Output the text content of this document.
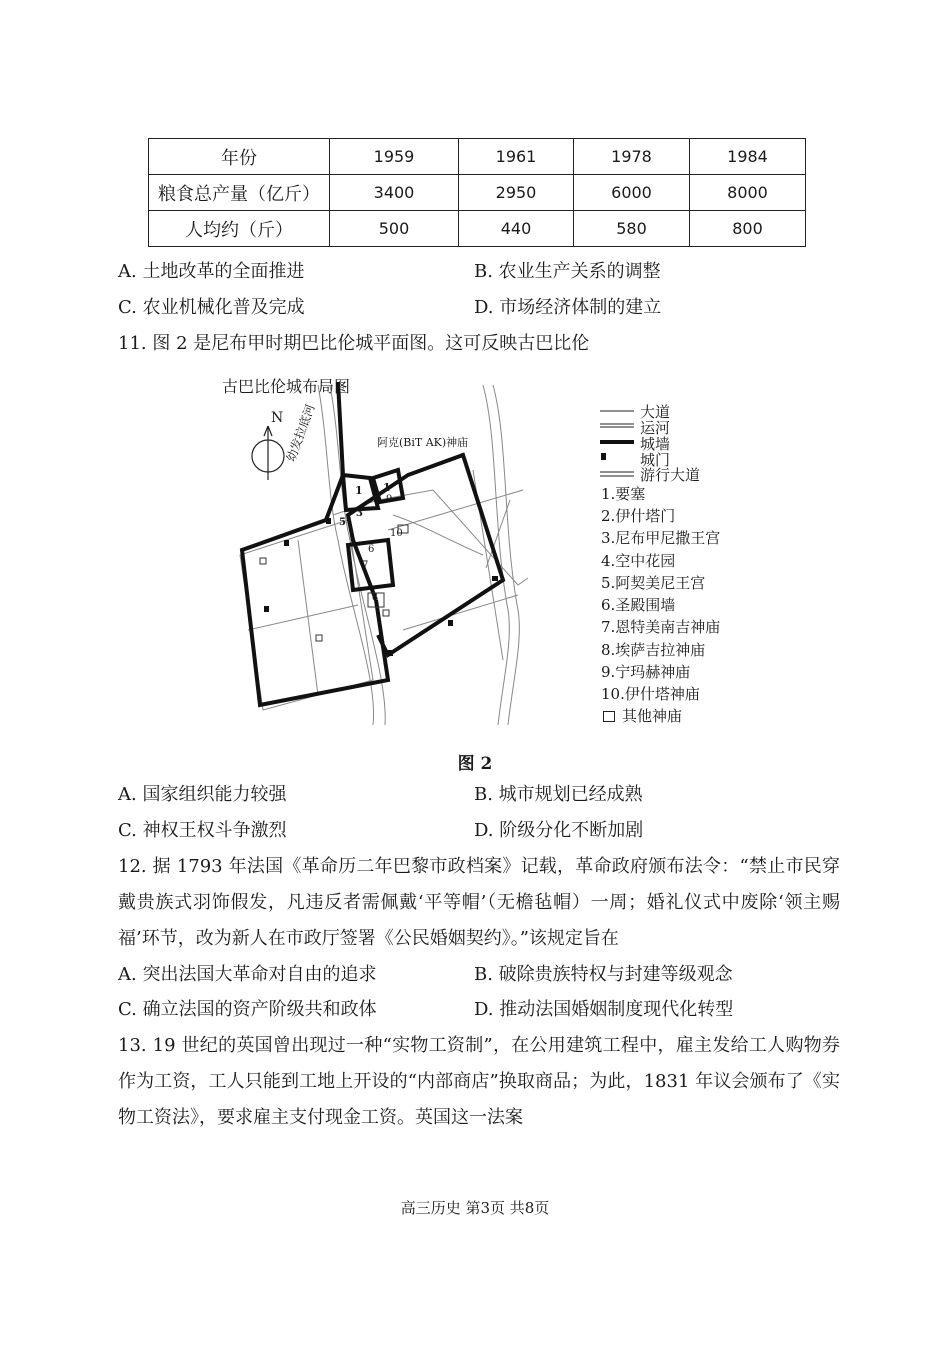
年份	1959	1961	1978	1984
粮食总产量（亿斤）	3400	2950	6000	8000
人均约（斤）	500	440	580	800
A. 土地改革的全面推进	B. 农业生产关系的调整
C. 农业机械化普及完成	D. 市场经济体制的建立
11. 图 2 是尼布甲时期巴比伦城平面图。这可反映古巴比伦
古巴比伦城布局图
N 幼发拉底河	阿克(BiT AK)神庙
1 1
9
3
5
10
6
7
8
大道
运河
城墙
城门
游行大道
1.要塞
2.伊什塔门
3.尼布甲尼撒王宫
4.空中花园
5.阿契美尼王宫
6.圣殿围墙
7.恩特美南吉神庙
8.埃萨吉拉神庙
9.宁玛赫神庙
10.伊什塔神庙
其他神庙
图 2
A. 国家组织能力较强	B. 城市规划已经成熟
C. 神权王权斗争激烈	D. 阶级分化不断加剧
12. 据 1793 年法国《革命历二年巴黎市政档案》记载，革命政府颁布法令：“禁止市民穿戴贵族式羽饰假发，凡违反者需佩戴‘平等帽’（无檐毡帽）一周；婚礼仪式中废除‘领主赐福’环节，改为新人在市政厅签署《公民婚姻契约》。”该规定旨在
A. 突出法国大革命对自由的追求	B. 破除贵族特权与封建等级观念
C. 确立法国的资产阶级共和政体	D. 推动法国婚姻制度现代化转型
13. 19 世纪的英国曾出现过一种“实物工资制”，在公用建筑工程中，雇主发给工人购物券作为工资，工人只能到工地上开设的“内部商店”换取商品；为此，1831 年议会颁布了《实物工资法》，要求雇主支付现金工资。英国这一法案
高三历史 第3页 共8页
